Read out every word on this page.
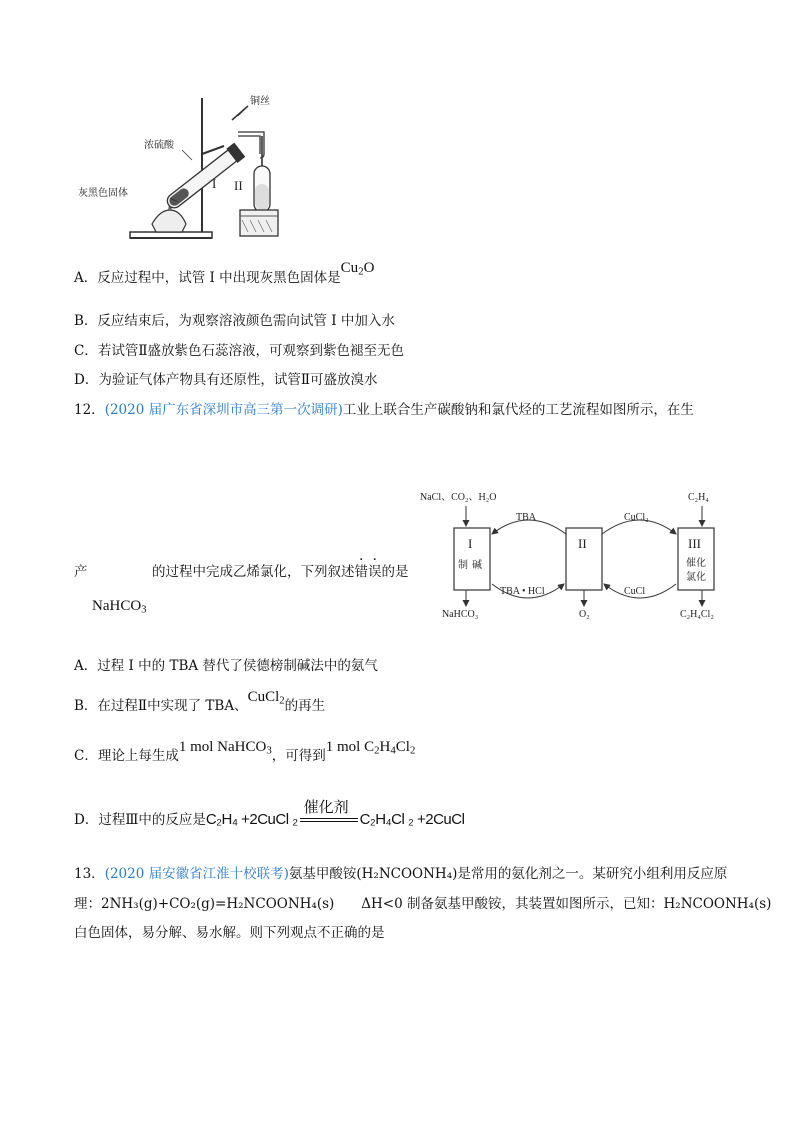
铜丝
浓硫酸
灰黑色固体
I II
A．反应过程中，试管 I 中出现灰黑色固体是$Cu_2O$
B．反应结束后，为观察溶液颜色需向试管 I 中加入水
C．若试管Ⅱ盛放紫色石蕊溶液，可观察到紫色褪至无色
D．为验证气体产物具有还原性，试管Ⅱ可盛放溴水
12．(2020 届广东省深圳市高三第一次调研)工业上联合生产碳酸钠和氯代烃的工艺流程如图所示，在生
产	的过程中完成乙烯氯化，下列叙述错误的是
NaHCO$_3$
NaCl、CO₂、H₂O	C₂H₄
I
制 碱
II	III
催化
氯化
TBA
TBA • HCl
CuCl₂
CuCl
NaHCO₃	O₂	C₂H₄Cl₂
A．过程 I 中的 TBA 替代了侯德榜制碱法中的氨气
B．在过程Ⅱ中实现了 TBA、CuCl$_2$的再生
C．理论上每生成1 mol NaHCO$_3$，可得到1 mol $C_2H_4Cl_2$
D．过程Ⅲ中的反应是C₂H₄ +2CuCl ₂
催化剂
C₂H₄Cl ₂ +2CuCl
13．(2020 届安徽省江淮十校联考)氨基甲酸铵(H₂NCOONH₄)是常用的氨化剂之一。某研究小组利用反应原
理：2NH₃(g)+CO₂(g)=H₂NCOONH₄(s)　　ΔH<0 制备氨基甲酸铵，其装置如图所示，已知：H₂NCOONH₄(s)
白色固体，易分解、易水解。则下列观点不正确的是
